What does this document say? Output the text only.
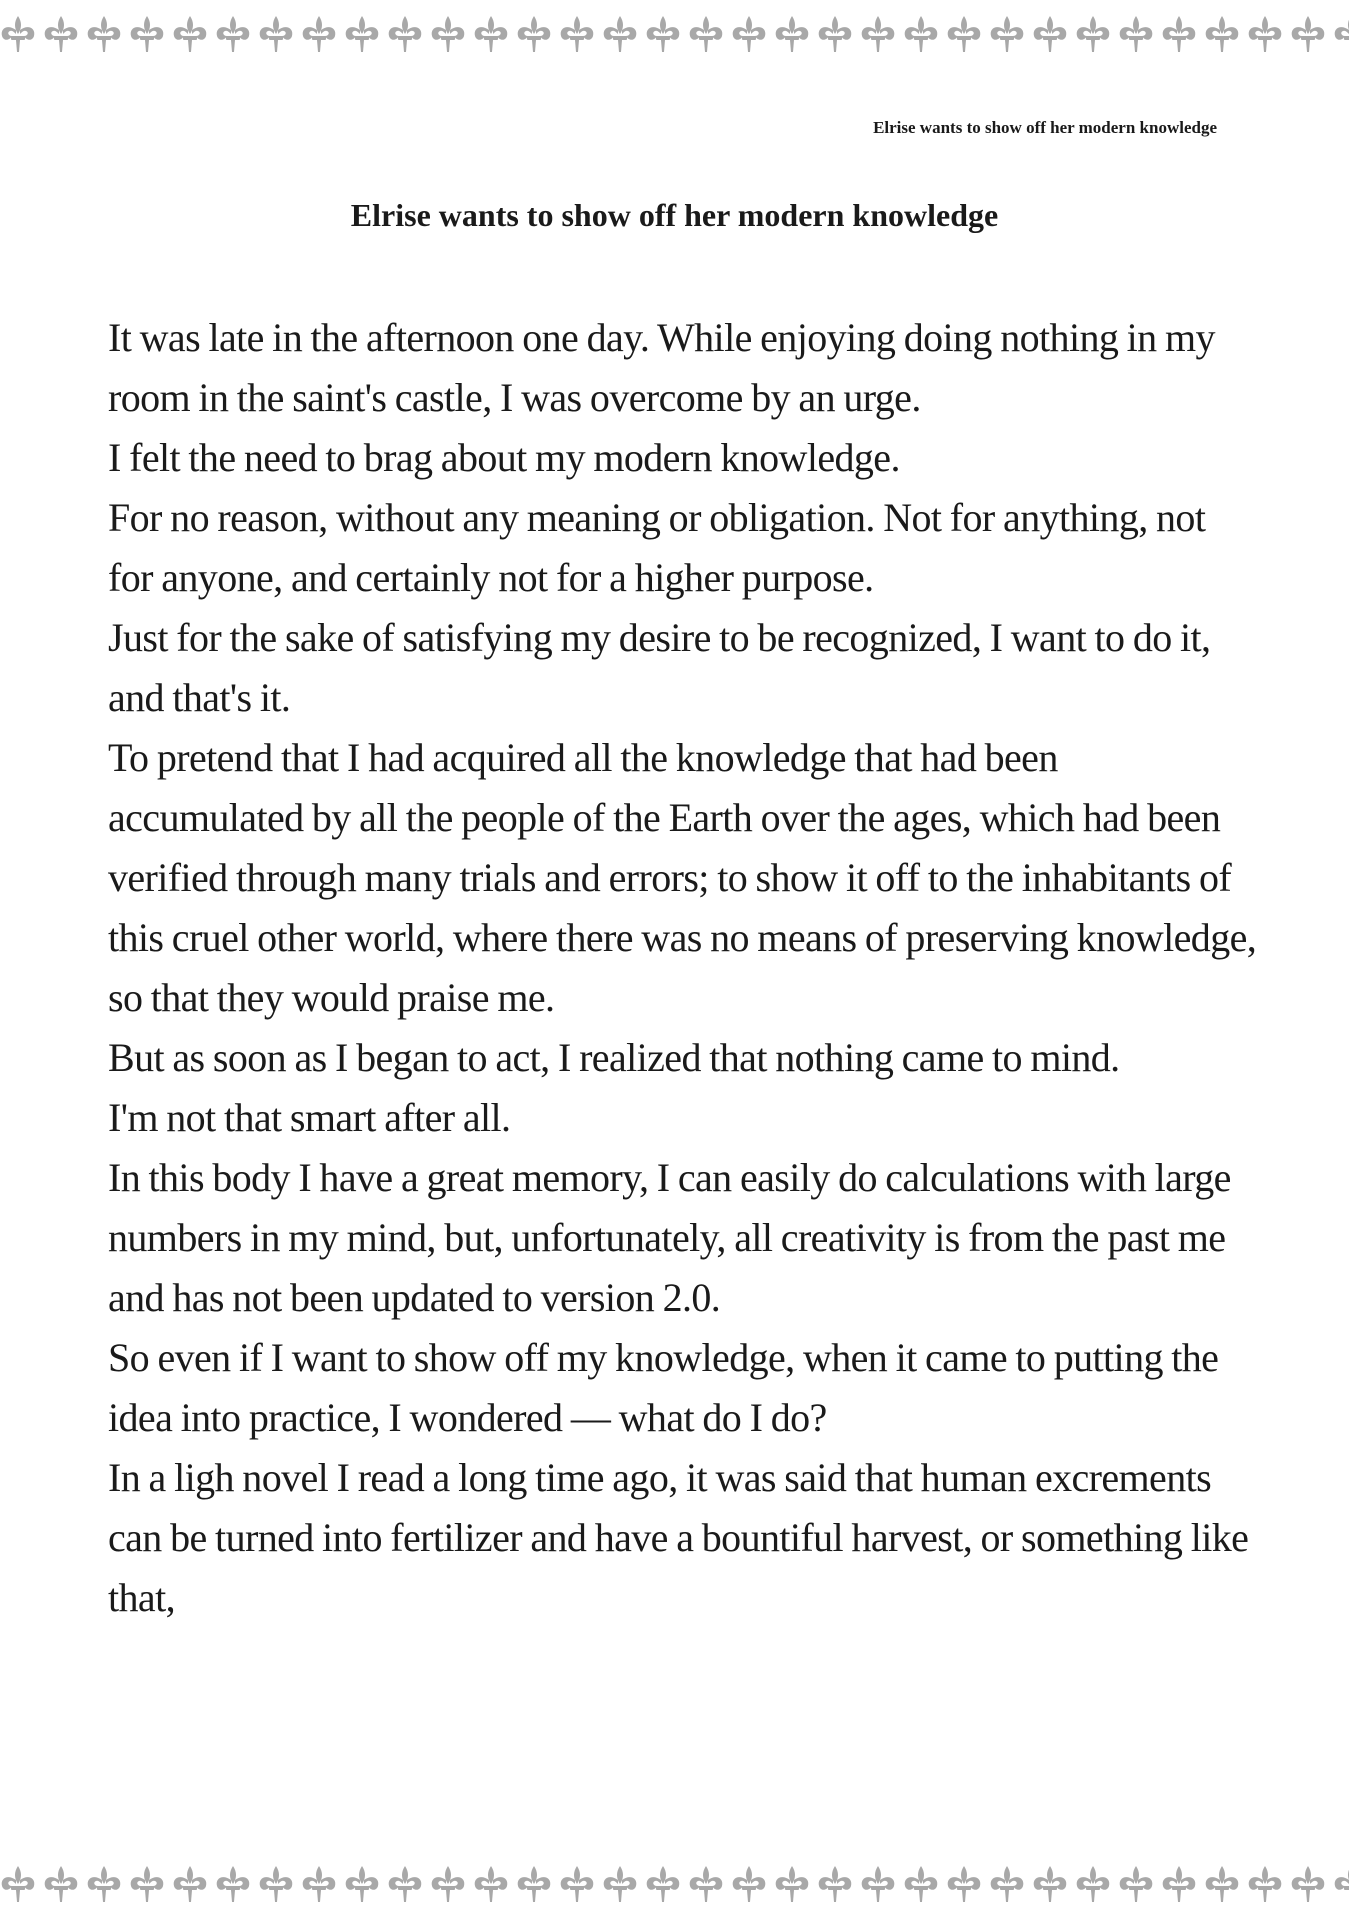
Elrise wants to show off her modern knowledge
Elrise wants to show off her modern knowledge

It was late in the afternoon one day. While enjoying doing nothing in my room in the saint's castle, I was overcome by an urge.

I felt the need to brag about my modern knowledge.

For no reason, without any meaning or obligation. Not for anything, not for anyone, and certainly not for a higher purpose.

Just for the sake of satisfying my desire to be recognized, I want to do it, and that's it.

To pretend that I had acquired all the knowledge that had been accumulated by all the people of the Earth over the ages, which had been verified through many trials and errors; to show it off to the inhabitants of this cruel other world, where there was no means of preserving knowledge, so that they would praise me.

But as soon as I began to act, I realized that nothing came to mind.

I'm not that smart after all.

In this body I have a great memory, I can easily do calculations with large numbers in my mind, but, unfortunately, all creativity is from the past me and has not been updated to version 2.0.

So even if I want to show off my knowledge, when it came to putting the idea into practice, I wondered — what do I do?

In a ligh novel I read a long time ago, it was said that human excrements can be turned into fertilizer and have a bountiful harvest, or something like that,
